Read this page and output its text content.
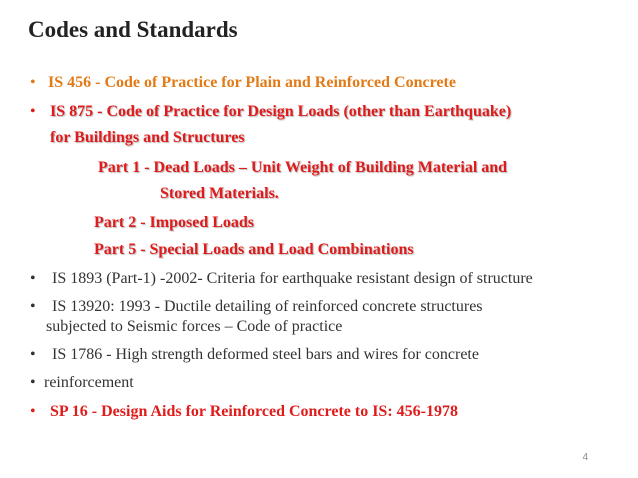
Codes and Standards
• IS 456 - Code of Practice for Plain and Reinforced Concrete
• IS 875 - Code of Practice for Design Loads (other than Earthquake)
for Buildings and Structures
Part 1 - Dead Loads – Unit Weight of Building Material and
Stored Materials.
Part 2 - Imposed Loads
Part 5 - Special Loads and Load Combinations
• IS 1893 (Part-1) -2002- Criteria for earthquake resistant design of structure
• IS 13920: 1993 - Ductile detailing of reinforced concrete structures
subjected to Seismic forces – Code of practice
• IS 1786 - High strength deformed steel bars and wires for concrete
• reinforcement
• SP 16 - Design Aids for Reinforced Concrete to IS: 456-1978
4
